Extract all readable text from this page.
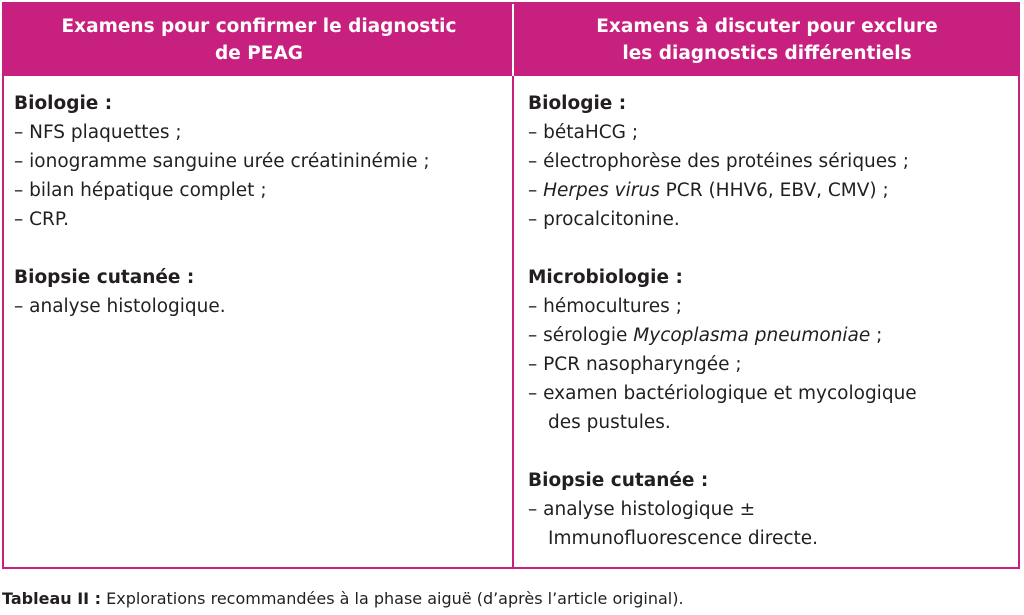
Examens pour confirmer le diagnostic
de PEAG
Examens à discuter pour exclure
les diagnostics différentiels
Biologie :
– NFS plaquettes ;
– ionogramme sanguine urée créatininémie ;
– bilan hépatique complet ;
– CRP.
Biopsie cutanée :
– analyse histologique.
Biologie :
– bétaHCG ;
– électrophorèse des protéines sériques ;
– Herpes virus PCR (HHV6, EBV, CMV) ;
– procalcitonine.
Microbiologie :
– hémocultures ;
– sérologie Mycoplasma pneumoniae ;
– PCR nasopharyngée ;
– examen bactériologique et mycologique
des pustules.
Biopsie cutanée :
– analyse histologique ±
Immunofluorescence directe.
Tableau II : Explorations recommandées à la phase aiguë (d’après l’article original).
